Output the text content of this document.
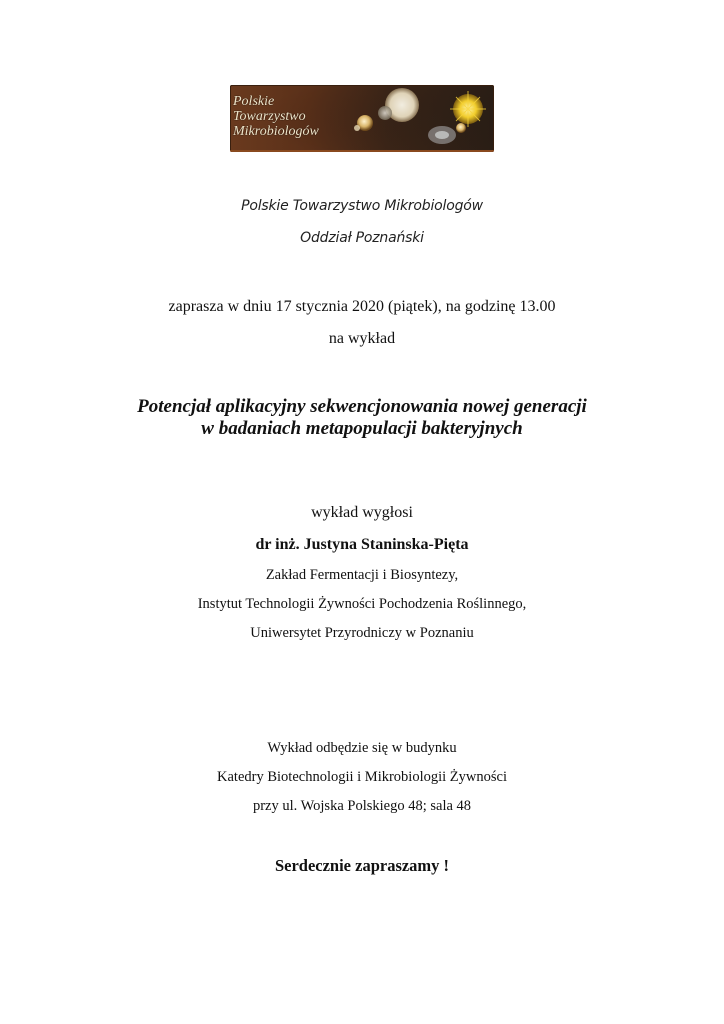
Polskie
Towarzystwo
Mikrobiologów
Polskie Towarzystwo Mikrobiologów
Oddział Poznański
zaprasza w dniu 17 stycznia 2020 (piątek), na godzinę 13.00
na wykład
Potencjał aplikacyjny sekwencjonowania nowej generacji
w badaniach metapopulacji bakteryjnych
wykład wygłosi
dr inż. Justyna Staninska-Pięta
Zakład Fermentacji i Biosyntezy,
Instytut Technologii Żywności Pochodzenia Roślinnego,
Uniwersytet Przyrodniczy w Poznaniu
Wykład odbędzie się w budynku
Katedry Biotechnologii i Mikrobiologii Żywności
przy ul. Wojska Polskiego 48; sala 48
Serdecznie zapraszamy !
